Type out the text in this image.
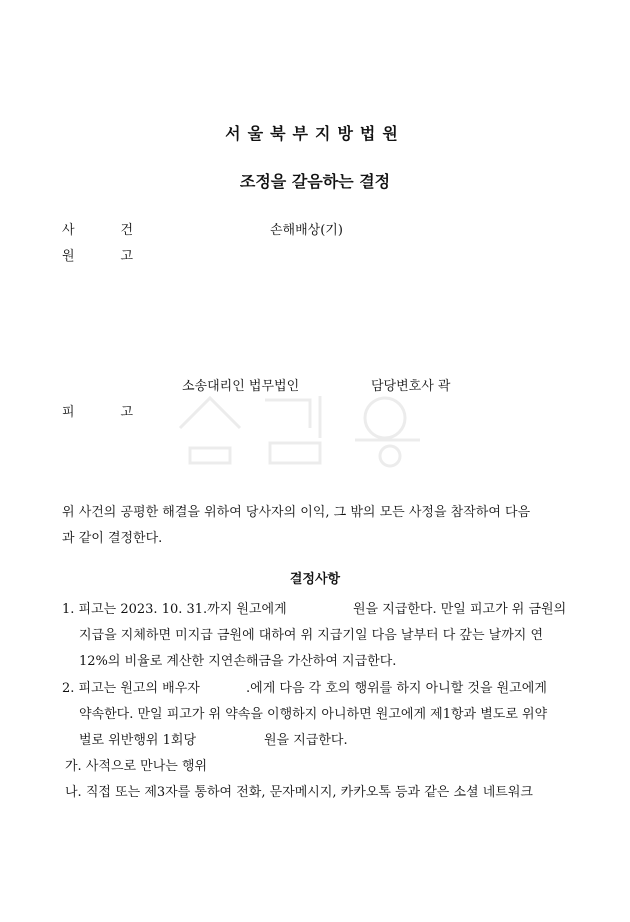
서울북부지방법원
조정을 갈음하는 결정
사건	손해배상(기)
원고
소송대리인 법무법인	담당변호사 곽
피고
위 사건의 공평한 해결을 위하여 당사자의 이익, 그 밖의 모든 사정을 참작하여 다음
과 같이 결정한다.
결정사항
1. 피고는 2023. 10. 31.까지 원고에게	원을 지급한다. 만일 피고가 위 금원의
지급을 지체하면 미지급 금원에 대하여 위 지급기일 다음 날부터 다 갚는 날까지 연
12%의 비율로 계산한 지연손해금을 가산하여 지급한다.
2. 피고는 원고의 배우자	.에게 다음 각 호의 행위를 하지 아니할 것을 원고에게
약속한다. 만일 피고가 위 약속을 이행하지 아니하면 원고에게 제1항과 별도로 위약
벌로 위반행위 1회당	원을 지급한다.
가. 사적으로 만나는 행위
나. 직접 또는 제3자를 통하여 전화, 문자메시지, 카카오톡 등과 같은 소셜 네트워크
